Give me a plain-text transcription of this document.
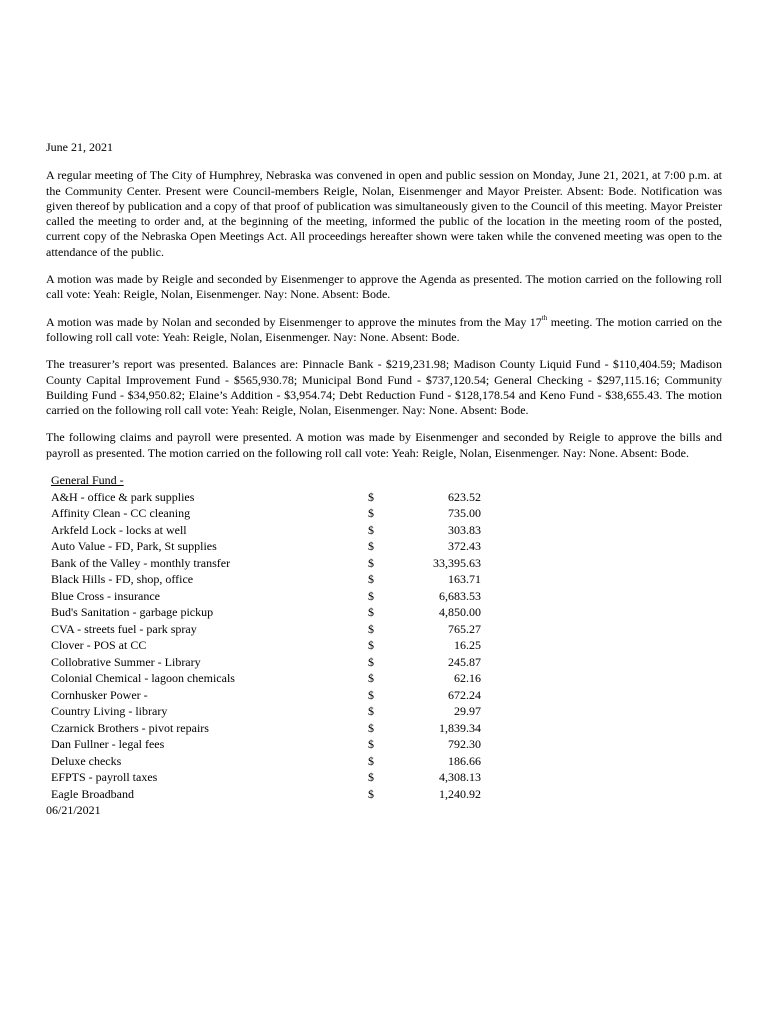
June 21, 2021

A regular meeting of The City of Humphrey, Nebraska was convened in open and public session on Monday, June 21, 2021, at 7:00 p.m. at the Community Center. Present were Council-members Reigle, Nolan, Eisenmenger and Mayor Preister. Absent: Bode. Notification was given thereof by publication and a copy of that proof of publication was simultaneously given to the Council of this meeting. Mayor Preister called the meeting to order and, at the beginning of the meeting, informed the public of the location in the meeting room of the posted, current copy of the Nebraska Open Meetings Act. All proceedings hereafter shown were taken while the convened meeting was open to the attendance of the public.

A motion was made by Reigle and seconded by Eisenmenger to approve the Agenda as presented. The motion carried on the following roll call vote: Yeah: Reigle, Nolan, Eisenmenger. Nay: None. Absent: Bode.

A motion was made by Nolan and seconded by Eisenmenger to approve the minutes from the May 17th meeting. The motion carried on the following roll call vote: Yeah: Reigle, Nolan, Eisenmenger. Nay: None. Absent: Bode.

The treasurer’s report was presented. Balances are: Pinnacle Bank - $219,231.98; Madison County Liquid Fund - $110,404.59; Madison County Capital Improvement Fund - $565,930.78; Municipal Bond Fund - $737,120.54; General Checking - $297,115.16; Community Building Fund - $34,950.82; Elaine’s Addition - $3,954.74; Debt Reduction Fund - $128,178.54 and Keno Fund - $38,655.43. The motion carried on the following roll call vote: Yeah: Reigle, Nolan, Eisenmenger. Nay: None. Absent: Bode.

The following claims and payroll were presented. A motion was made by Eisenmenger and seconded by Reigle to approve the bills and payroll as presented. The motion carried on the following roll call vote: Yeah: Reigle, Nolan, Eisenmenger. Nay: None. Absent: Bode.

General Fund -
A&H - office & park supplies	$	623.52
Affinity Clean - CC cleaning	$	735.00
Arkfeld Lock - locks at well	$	303.83
Auto Value - FD, Park, St supplies	$	372.43
Bank of the Valley - monthly transfer	$	33,395.63
Black Hills - FD, shop, office	$	163.71
Blue Cross - insurance	$	6,683.53
Bud's Sanitation - garbage pickup	$	4,850.00
CVA - streets fuel - park spray	$	765.27
Clover - POS at CC	$	16.25
Collobrative Summer - Library	$	245.87
Colonial Chemical - lagoon chemicals	$	62.16
Cornhusker Power -	$	672.24
Country Living - library	$	29.97
Czarnick Brothers - pivot repairs	$	1,839.34
Dan Fullner - legal fees	$	792.30
Deluxe checks	$	186.66
EFPTS - payroll taxes	$	4,308.13
Eagle Broadband	$	1,240.92
06/21/2021
